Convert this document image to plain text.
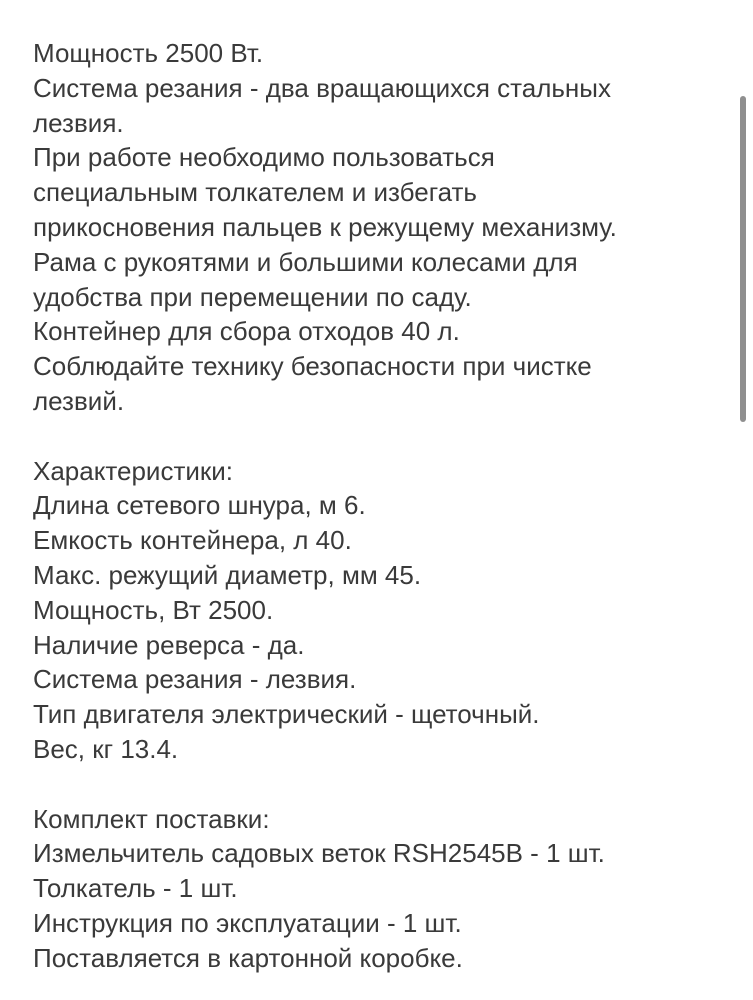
Мощность 2500 Вт.
Система резания - два вращающихся стальных
лезвия.
При работе необходимо пользоваться
специальным толкателем и избегать
прикосновения пальцев к режущему механизму.
Рама с рукоятями и большими колесами для
удобства при перемещении по саду.
Контейнер для сбора отходов 40 л.
Соблюдайте технику безопасности при чистке
лезвий.
Характеристики:
Длина сетевого шнура, м 6.
Емкость контейнера, л 40.
Макс. режущий диаметр, мм 45.
Мощность, Вт 2500.
Наличие реверса - да.
Система резания - лезвия.
Тип двигателя электрический - щеточный.
Вес, кг 13.4.
Комплект поставки:
Измельчитель садовых веток RSH2545B - 1 шт.
Толкатель - 1 шт.
Инструкция по эксплуатации - 1 шт.
Поставляется в картонной коробке.
